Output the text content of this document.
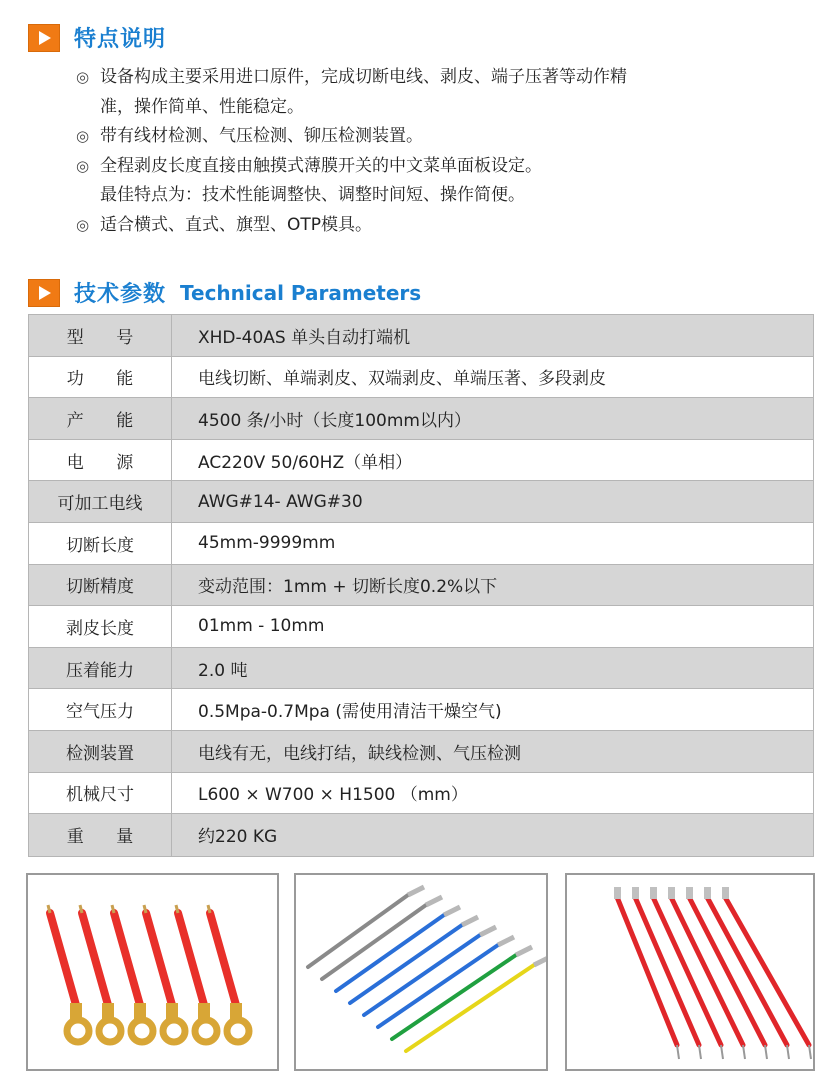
特点说明
◎ 设备构成主要采用进口原件，完成切断电线、剥皮、端子压著等动作精
准，操作简单、性能稳定。
◎ 带有线材检测、气压检测、铆压检测装置。
◎ 全程剥皮长度直接由触摸式薄膜开关的中文菜单面板设定。
最佳特点为：技术性能调整快、调整时间短、操作简便。
◎ 适合横式、直式、旗型、OTP模具。
技术参数 Technical Parameters
型      号	XHD-40AS 单头自动打端机
功      能	电线切断、单端剥皮、双端剥皮、单端压著、多段剥皮
产      能	4500 条/小时（长度100mm以内）
电      源	AC220V 50/60HZ（单相）
可加工电线	AWG#14- AWG#30
切断长度	45mm-9999mm
切断精度	变动范围：1mm + 切断长度0.2%以下
剥皮长度	01mm - 10mm
压着能力	2.0 吨
空气压力	0.5Mpa-0.7Mpa (需使用清洁干燥空气)
检测装置	电线有无，电线打结，缺线检测、气压检测
机械尺寸	L600 × W700 × H1500 （mm）
重      量	约220 KG
